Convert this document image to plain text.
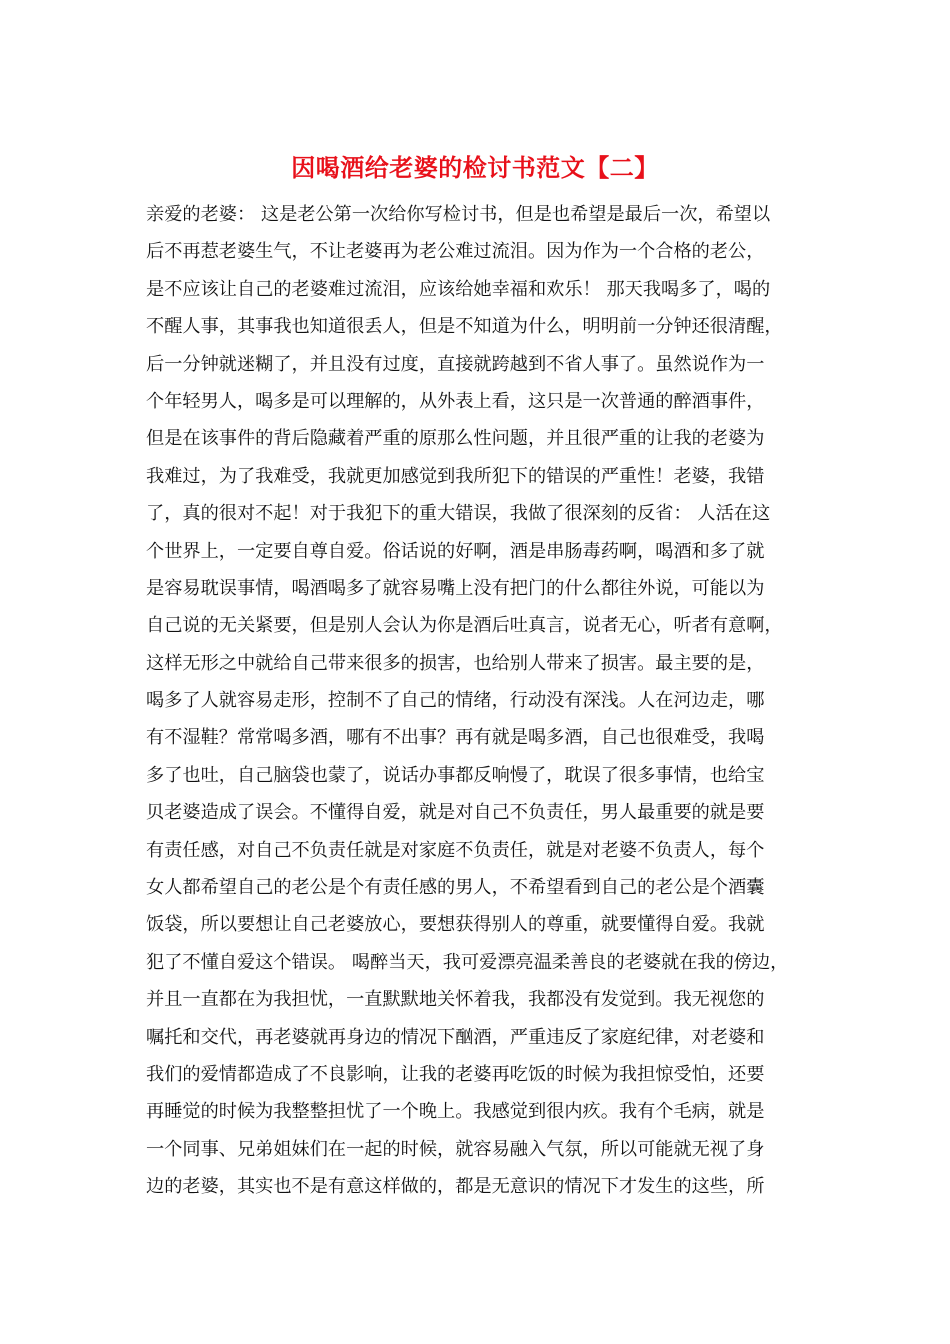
因喝酒给老婆的检讨书范文【二】
亲爱的老婆： 这是老公第一次给你写检讨书，但是也希望是最后一次，希望以
后不再惹老婆生气，不让老婆再为老公难过流泪。因为作为一个合格的老公，
是不应该让自己的老婆难过流泪，应该给她幸福和欢乐！ 那天我喝多了，喝的
不醒人事，其事我也知道很丢人，但是不知道为什么，明明前一分钟还很清醒，
后一分钟就迷糊了，并且没有过度，直接就跨越到不省人事了。虽然说作为一
个年轻男人，喝多是可以理解的，从外表上看，这只是一次普通的醉酒事件，
但是在该事件的背后隐藏着严重的原那么性问题，并且很严重的让我的老婆为
我难过，为了我难受，我就更加感觉到我所犯下的错误的严重性！老婆，我错
了，真的很对不起！对于我犯下的重大错误，我做了很深刻的反省： 人活在这
个世界上，一定要自尊自爱。俗话说的好啊，酒是串肠毒药啊，喝酒和多了就
是容易耽误事情，喝酒喝多了就容易嘴上没有把门的什么都往外说，可能以为
自己说的无关紧要，但是别人会认为你是酒后吐真言，说者无心，听者有意啊，
这样无形之中就给自己带来很多的损害，也给别人带来了损害。最主要的是，
喝多了人就容易走形，控制不了自己的情绪，行动没有深浅。人在河边走，哪
有不湿鞋？常常喝多酒，哪有不出事？再有就是喝多酒，自己也很难受，我喝
多了也吐，自己脑袋也蒙了，说话办事都反响慢了，耽误了很多事情，也给宝
贝老婆造成了误会。不懂得自爱，就是对自己不负责任，男人最重要的就是要
有责任感，对自己不负责任就是对家庭不负责任，就是对老婆不负责人，每个
女人都希望自己的老公是个有责任感的男人，不希望看到自己的老公是个酒囊
饭袋，所以要想让自己老婆放心，要想获得别人的尊重，就要懂得自爱。我就
犯了不懂自爱这个错误。 喝醉当天，我可爱漂亮温柔善良的老婆就在我的傍边，
并且一直都在为我担忧，一直默默地关怀着我，我都没有发觉到。我无视您的
嘱托和交代，再老婆就再身边的情况下酗酒，严重违反了家庭纪律，对老婆和
我们的爱情都造成了不良影响，让我的老婆再吃饭的时候为我担惊受怕，还要
再睡觉的时候为我整整担忧了一个晚上。我感觉到很内疚。我有个毛病，就是
一个同事、兄弟姐妹们在一起的时候，就容易融入气氛，所以可能就无视了身
边的老婆，其实也不是有意这样做的，都是无意识的情况下才发生的这些，所
